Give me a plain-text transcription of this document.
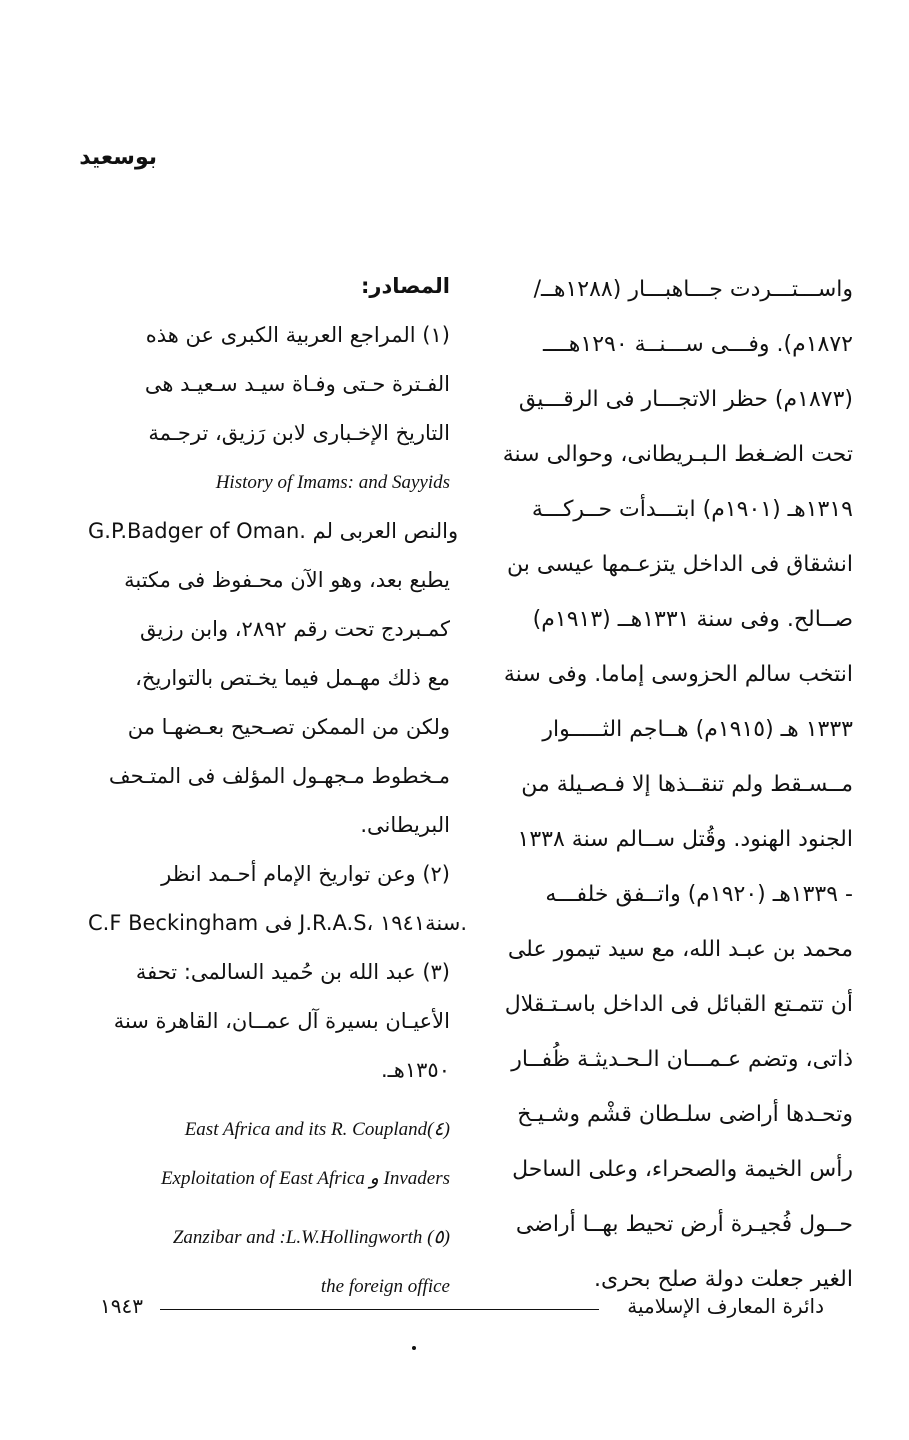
بوسعيد
واســـتـــردت جـــاهبـــار (١٢٨٨هــ/
١٨٧٢م). وفـــى ســـنــة ١٢٩٠هــــ
(١٨٧٣م) حظر الاتجـــار فى الرقـــيق
تحت الضـغط الـبـريطانى، وحوالى سنة
١٣١٩هـ (١٩٠١م) ابتـــدأت حــركـــة
انشقاق فى الداخل يتزعـمها عيسى بن
صــالح. وفى سنة ١٣٣١هــ (١٩١٣م)
انتخب سالم الحزوسى إماما. وفى سنة
١٣٣٣ هـ (١٩١٥م) هــاجم الثـــــوار
مــسـقط ولم تنقــذها إلا فـصـيلة من
الجنود الهنود. وقُتل ســالم سنة ١٣٣٨
- ١٣٣٩هـ (١٩٢٠م) واتــفق خلفـــه
محمد بن عبـد الله، مع سيد تيمور على
أن تتمـتع القبائل فى الداخل باسـتـقلال
ذاتى، وتضم عـمـــان الـحـديثـة ظُفــار
وتحـدها أراضى سلـطان قشْم وشـيـخ
رأس الخيمة والصحراء، وعلى الساحل
حــول فُجيـرة أرض تحيط بهــا أراضى
الغير جعلت دولة صلح بحرى.
المصادر:
(١) المراجع العربية الكبرى عن هذه
الفـترة حـتى وفـاة سيـد سـعيـد هى
التاريخ الإخـبارى لابن رَزيق، ترجـمة
History of Imams: and Sayyids
G.P.Badger of Oman. والنص العربى لم
يطبع بعد، وهو الآن محـفوظ فى مكتبة
كمـبردج تحت رقم ٢٨٩٢، وابن رزيق
مع ذلك مهـمل فيما يخـتص بالتواريخ،
ولكن من الممكن تصـحيح بعـضهـا من
مـخطوط مـجهـول المؤلف فى المتـحف
البريطانى.
(٢) وعن تواريخ الإمام أحـمد انظر
C.F Beckingham فى J.R.A.S، سنة١٩٤١.
(٣) عبد الله بن حُميد السالمى: تحفة
الأعيـان بسيرة آل عمــان، القاهرة سنة
١٣٥٠هـ.
East Africa and its R. Coupland(٤)
Exploitation of East Africa و Invaders
Zanzibar and :L.W.Hollingworth (٥)
the foreign office
دائرة المعارف الإسلامية
١٩٤٣
